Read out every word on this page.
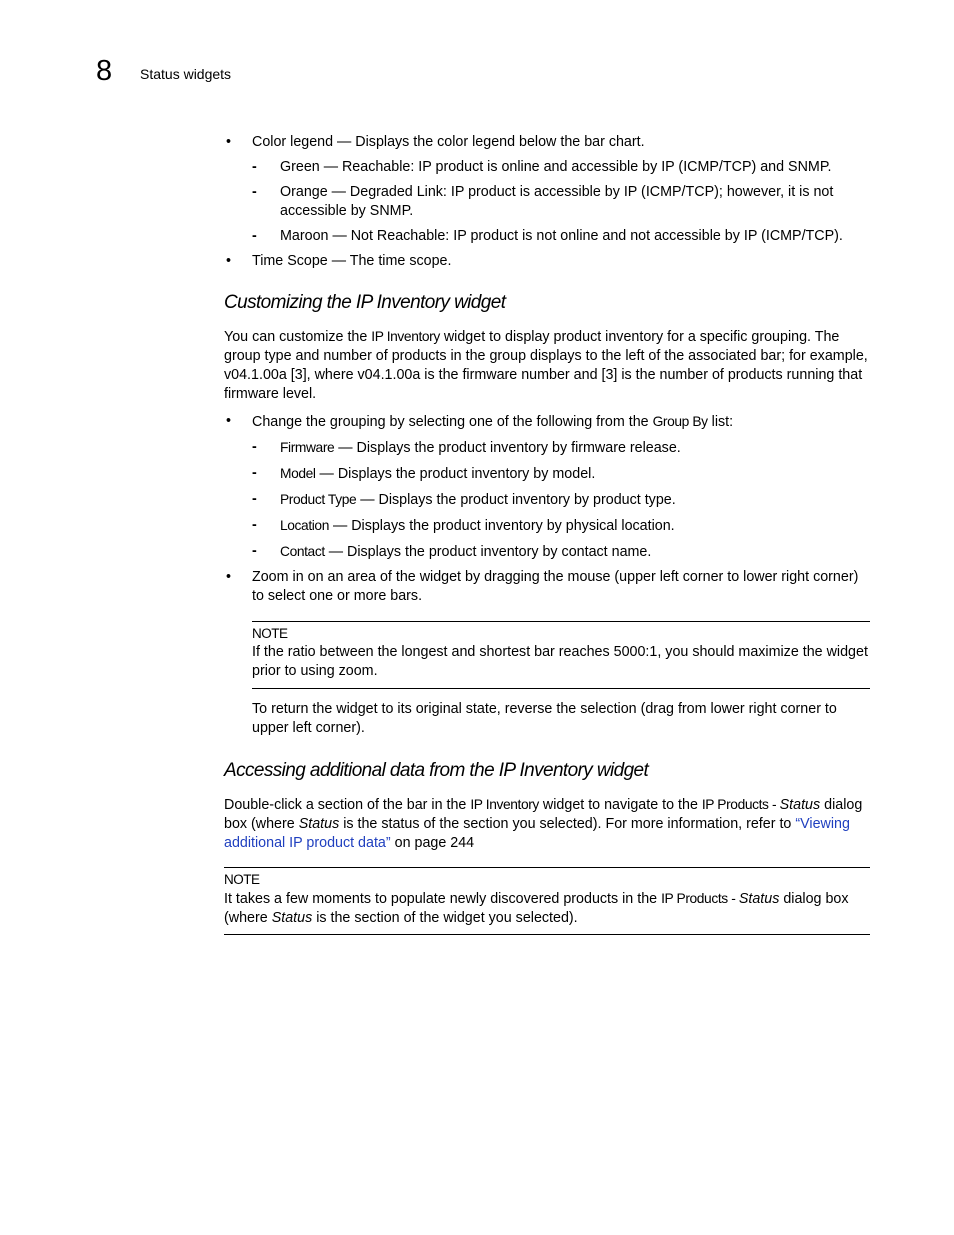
8 Status widgets
• Color legend — Displays the color legend below the bar chart.
- Green — Reachable: IP product is online and accessible by IP (ICMP/TCP) and SNMP.
- Orange — Degraded Link: IP product is accessible by IP (ICMP/TCP); however, it is not accessible by SNMP.
- Maroon — Not Reachable: IP product is not online and not accessible by IP (ICMP/TCP).
• Time Scope — The time scope.
Customizing the IP Inventory widget

You can customize the IP Inventory widget to display product inventory for a specific grouping. The group type and number of products in the group displays to the left of the associated bar; for example, v04.1.00a [3], where v04.1.00a is the firmware number and [3] is the number of products running that firmware level.

• Change the grouping by selecting one of the following from the Group By list:
- Firmware — Displays the product inventory by firmware release.
- Model — Displays the product inventory by model.
- Product Type — Displays the product inventory by product type.
- Location — Displays the product inventory by physical location.
- Contact — Displays the product inventory by contact name.
• Zoom in on an area of the widget by dragging the mouse (upper left corner to lower right corner) to select one or more bars.
NOTE
If the ratio between the longest and shortest bar reaches 5000:1, you should maximize the widget prior to using zoom.

To return the widget to its original state, reverse the selection (drag from lower right corner to upper left corner).

Accessing additional data from the IP Inventory widget

Double-click a section of the bar in the IP Inventory widget to navigate to the IP Products - Status dialog box (where Status is the status of the section you selected). For more information, refer to “Viewing additional IP product data” on page 244

NOTE
It takes a few moments to populate newly discovered products in the IP Products - Status dialog box (where Status is the section of the widget you selected).
